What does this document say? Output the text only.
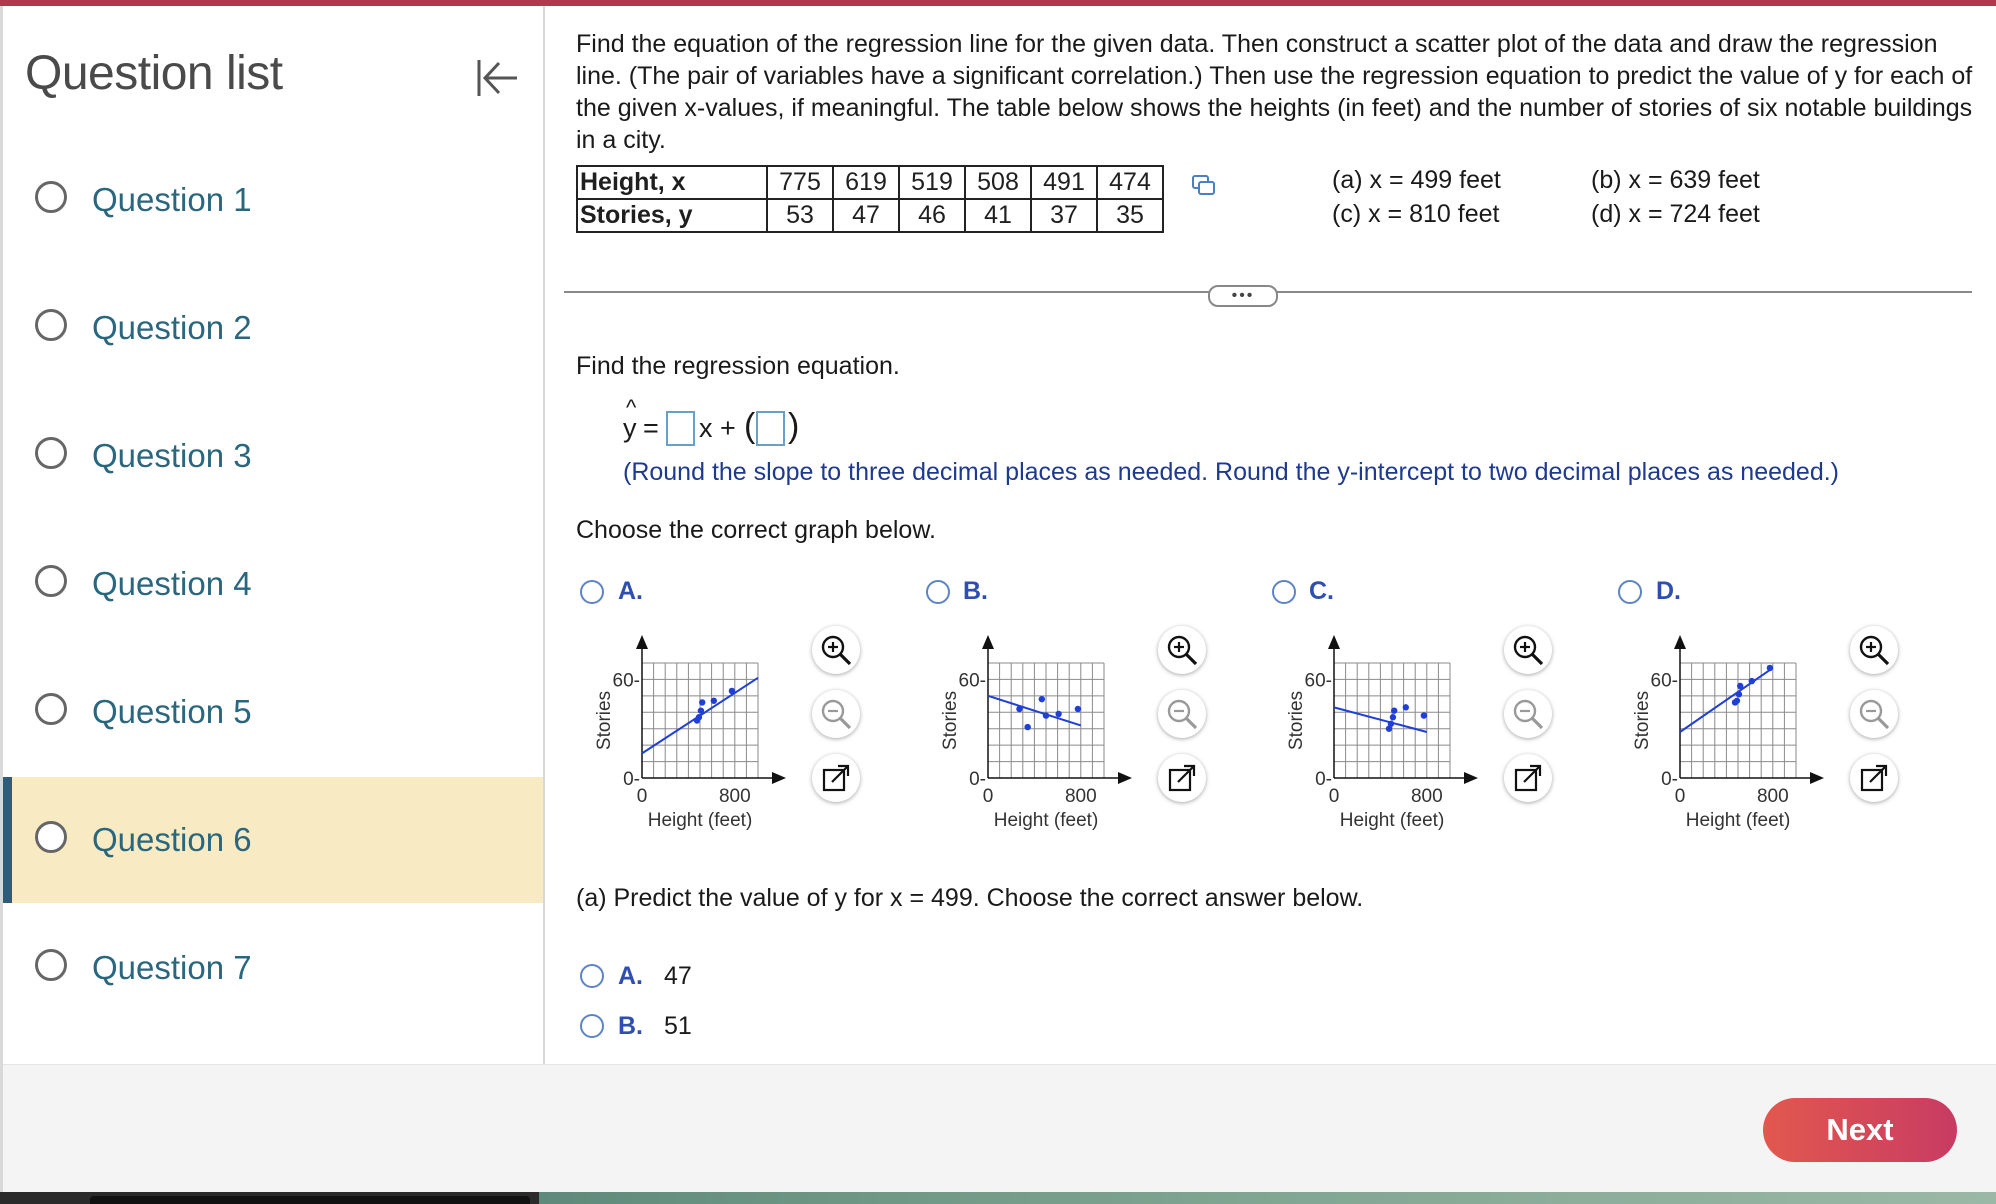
Question list
Question 1
Question 2
Question 3
Question 4
Question 5
Question 6
Question 7
Find the equation of the regression line for the given data. Then construct a scatter plot of the data and draw the regression line. (The pair of variables have a significant correlation.) Then use the regression equation to predict the value of y for each of the given x-values, if meaningful. The table below shows the heights (in feet) and the number of stories of six notable buildings in a city.
Height, x	775	619	519	508	491	474
Stories, y	53	47	46	41	37	35
(a) x = 499 feet	(b) x = 639 feet
(c) x = 810 feet	(d) x = 724 feet
•••
Find the regression equation.
^
y = x + ( )
(Round the slope to three decimal places as needed. Round the y-intercept to two decimal places as needed.)
Choose the correct graph below.
A.	B.	C.	D.
60-
0-
0	800
Height (feet)
Stories
60-
0-
0	800
Height (feet)
Stories
60-
0-
0	800
Height (feet)
Stories
60-
0-
0	800
Height (feet)
Stories
(a) Predict the value of y for x = 499. Choose the correct answer below.
A. 47
B. 51
Next
